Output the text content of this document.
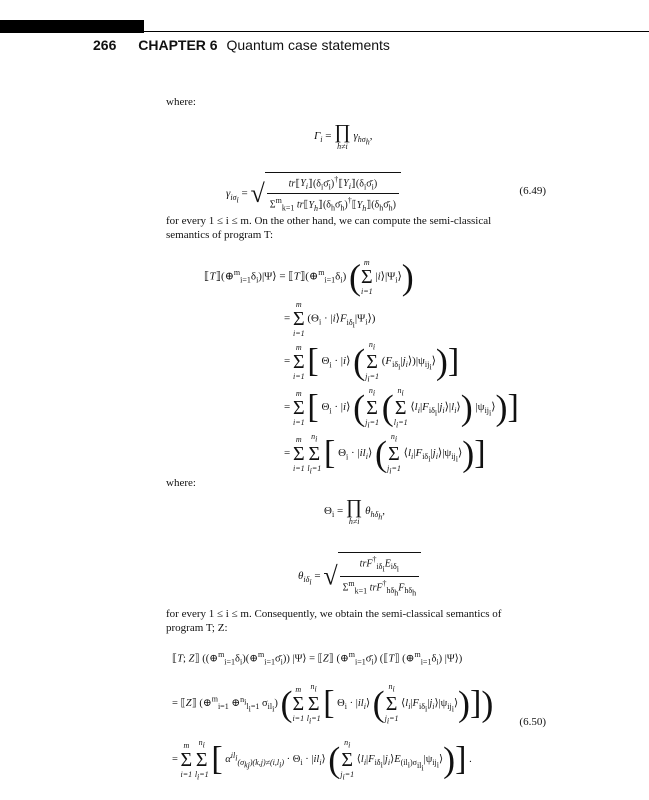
266 CHAPTER 6 Quantum case statements
where:
$\Gamma_i$ = ∏
h≠i
$\gamma_{h\sigma_h}$,
$\gamma_{i\sigma_i}$ = √ $\frac{tr⟦Y_i⟧(\delta_i\sigmā_i)^\dagger⟦Y_i⟧(\delta_i\sigmā_i)}{\Sigma^m_{k=1} tr⟦Y_h⟧(\delta_h\sigmā_h)^\dagger⟦Y_h⟧(\delta_h\sigmā_h)}$	(6.49)
for every 1 ≤ i ≤ m. On the other hand, we can compute the semi-classical
semantics of program T:
$⟦T⟧(\oplus^m_{i=1}\delta_i)|\Psi⟩$ = $⟦T⟧(\oplus^m_{i=1}\delta_i)$ ( m
Σ
i=1
$|i⟩|\Psi_i⟩$)
=
m
Σ
i=1
($\Theta_i$ · $|i⟩F_{i\delta_i}|\Psi_i⟩$)
=
m
Σ
i=1 [ $\Theta_i$ · |i⟩ ( $n_i$
Σ
$j_i=1$
$(F_{i\delta_i}|j_i⟩)|\psi_{ij_i}⟩$)]
=
m
Σ
i=1 [ $\Theta_i$ · |i⟩ ( $n_i$
Σ
$j_i=1$ ( $n_i$
Σ
$l_i=1$
$⟨l_i|F_{i\delta_i}|j_i⟩|l_i⟩$) $|\psi_{ij_i}⟩$)]
=
m
Σ
i=1

$n_i$
Σ
$l_i=1$ [ $\Theta_i$ · $|il_i⟩$ ( $n_i$
Σ
$j_i=1$
$⟨l_i|F_{i\delta_i}|j_i⟩|\psi_{ij_i}⟩$)]
where:
$\Theta_i$ = ∏
h≠i
$\theta_{h\delta_h}$,
$\theta_{i\delta_i}$ = √ $\frac{trF^\dagger_{i\delta_i}E_{i\delta_i}}{\Sigma^m_{k=1} trF^\dagger_{h\delta_h}F_{h\delta_h}}$
for every 1 ≤ i ≤ m. Consequently, we obtain the semi-classical semantics of
program T; Z:
⟦T; Z⟧ $((\oplus^m_{i=1}\delta_i)(\oplus^m_{i=1}\sigmā_i))$ |Ψ⟩ = ⟦Z⟧ $(\oplus^m_{i=1}\sigmā_i)$ (⟦T⟧ $(\oplus^m_{i=1}\delta_i)$ |Ψ⟩)
= ⟦Z⟧ (⊕$^m_{i=1}$ ⊕$^{n_i}_{l_i=1}$ $\sigma_{il_i}$) ( m
Σ
i=1

$n_i$
Σ
$l_i=1$ [ $\Theta_i$ · $|il_i⟩$ ( $n_i$
Σ
$j_i=1$
$⟨l_i|F_{i\delta_i}|j_i⟩|\psi_{ij_i}⟩$)]) (6.50)
=
m
Σ
i=1

$n_i$
Σ
$l_i=1$ [ $\alpha^{il_i}_{(\sigma_{kj})(k,j)\ne(i,l_i)} \cdot \Theta_i$ · $|il_i⟩$ ( $n_i$
Σ
$j_i=1$
$⟨l_i|F_{i\delta_i}|j_i⟩E_{(il_i)\sigma_{il_i}}|\psi_{ij_i}⟩$)] .
